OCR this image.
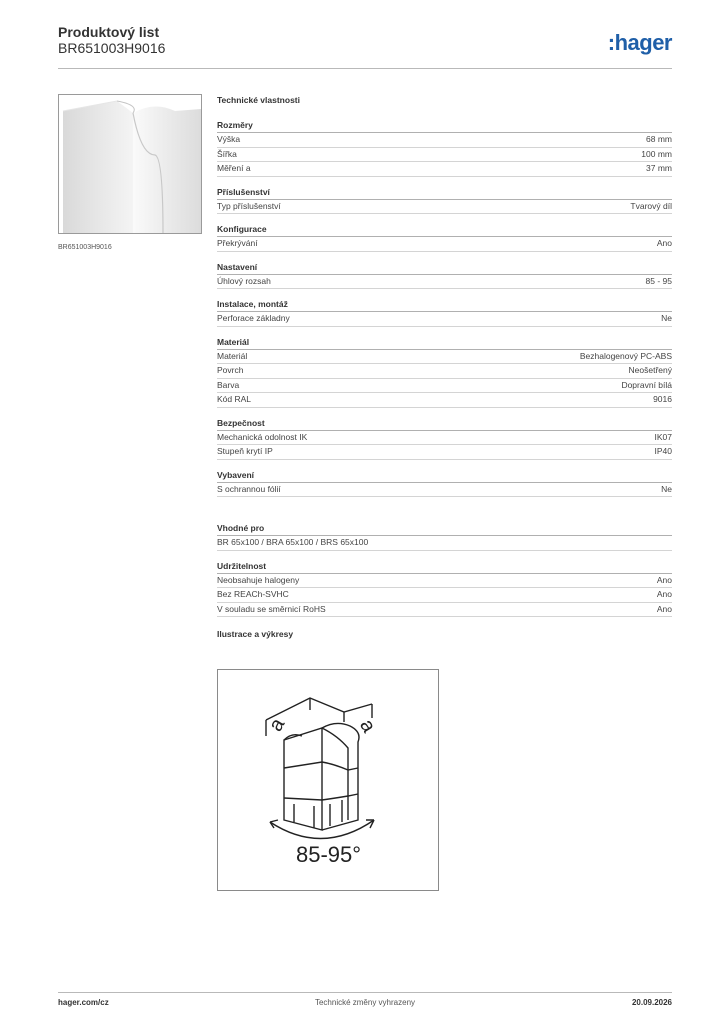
Produktový list
BR651003H9016	:hager
BR651003H9016
Technické vlastnosti
Rozměry
Výška	68 mm
Šířka	100 mm
Měření a	37 mm
Příslušenství
Typ příslušenství	Tvarový díl
Konfigurace
Překrývání	Ano
Nastavení
Úhlový rozsah	85 - 95
Instalace, montáž
Perforace základny	Ne
Materiál
Materiál	Bezhalogenový PC-ABS
Povrch	Neošetřený
Barva	Dopravní bílá
Kód RAL	9016
Bezpečnost
Mechanická odolnost IK	IK07
Stupeň krytí IP	IP40
Vybavení
S ochrannou fólií	Ne
Vhodné pro
BR 65x100 / BRA 65x100 / BRS 65x100
Udržitelnost
Neobsahuje halogeny	Ano
Bez REACh-SVHC	Ano
V souladu se směrnicí RoHS	Ano
Ilustrace a výkresy
a	a
85-95°
hager.com/cz	Technické změny vyhrazeny	20.09.2026
